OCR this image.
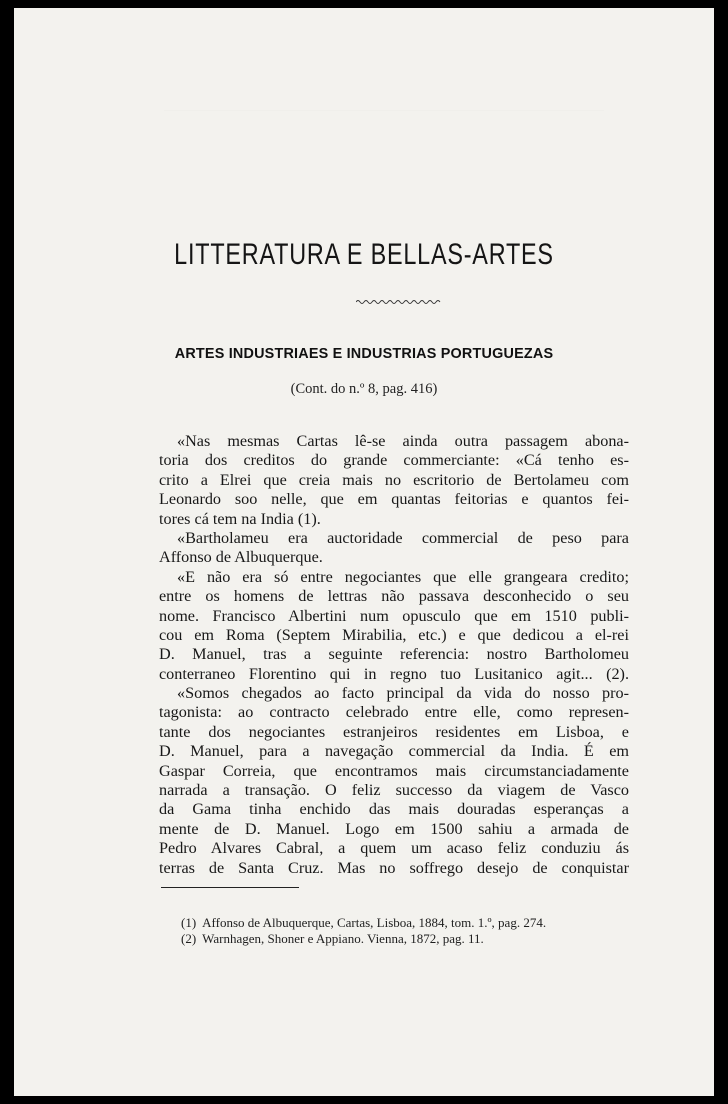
LITTERATURA E BELLAS-ARTES
ARTES INDUSTRIAES E INDUSTRIAS PORTUGUEZAS
(Cont. do n.º 8, pag. 416)
«Nas mesmas Cartas lê-se ainda outra passagem abona-
toria dos creditos do grande commerciante: «Cá tenho es-
crito a Elrei que creia mais no escritorio de Bertolameu com
Leonardo soo nelle, que em quantas feitorias e quantos fei-
tores cá tem na India (1).
«Bartholameu era auctoridade commercial de peso para
Affonso de Albuquerque.
«E não era só entre negociantes que elle grangeara credito;
entre os homens de lettras não passava desconhecido o seu
nome. Francisco Albertini num opusculo que em 1510 publi-
cou em Roma (Septem Mirabilia, etc.) e que dedicou a el-rei
D. Manuel, tras a seguinte referencia: nostro Bartholomeu
conterraneo Florentino qui in regno tuo Lusitanico agit... (2).
«Somos chegados ao facto principal da vida do nosso pro-
tagonista: ao contracto celebrado entre elle, como represen-
tante dos negociantes estranjeiros residentes em Lisboa, e
D. Manuel, para a navegação commercial da India. É em
Gaspar Correia, que encontramos mais circumstanciadamente
narrada a transação. O feliz successo da viagem de Vasco
da Gama tinha enchido das mais douradas esperanças a
mente de D. Manuel. Logo em 1500 sahiu a armada de
Pedro Alvares Cabral, a quem um acaso feliz conduziu ás
terras de Santa Cruz. Mas no soffrego desejo de conquistar
(1) Affonso de Albuquerque, Cartas, Lisboa, 1884, tom. 1.º, pag. 274.
(2) Warnhagen, Shoner e Appiano. Vienna, 1872, pag. 11.
